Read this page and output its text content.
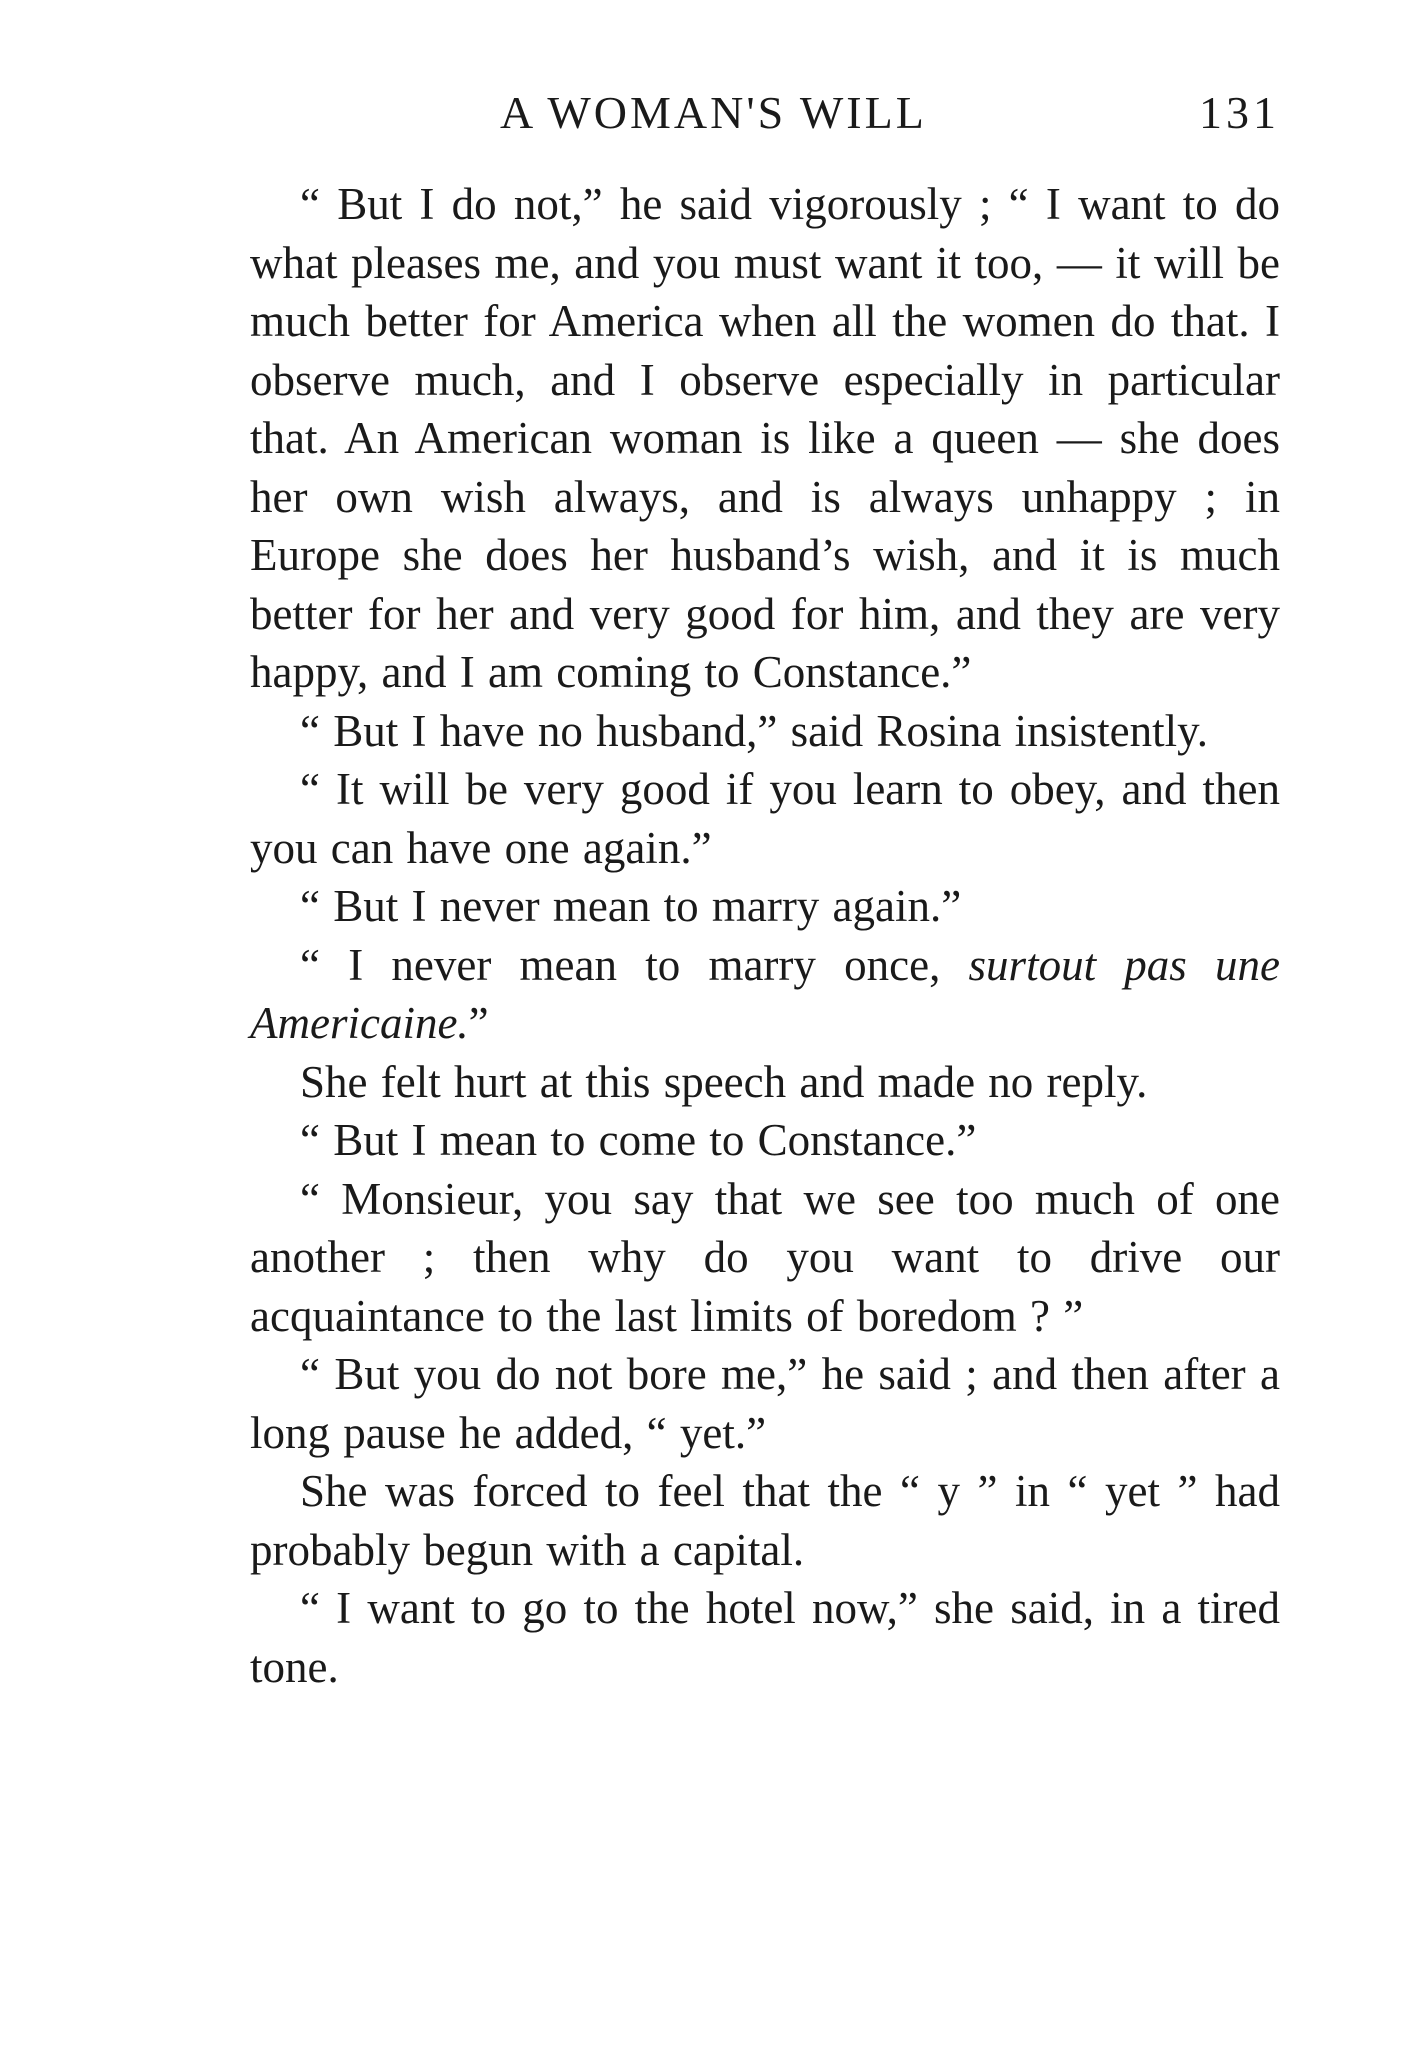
A WOMAN'S WILL	131

“ But I do not,” he said vigorously ; “ I want to do what pleases me, and you must want it too, — it will be much better for America when all the women do that. I observe much, and I observe especially in particular that. An American woman is like a queen — she does her own wish always, and is always unhappy ; in Europe she does her husband’s wish, and it is much better for her and very good for him, and they are very happy, and I am coming to Constance.”

“ But I have no husband,” said Rosina insistently.

“ It will be very good if you learn to obey, and then you can have one again.”

“ But I never mean to marry again.”

“ I never mean to marry once, surtout pas une Americaine.”

She felt hurt at this speech and made no reply.

“ But I mean to come to Constance.”

“ Monsieur, you say that we see too much of one another ; then why do you want to drive our acquaintance to the last limits of boredom ? ”

“ But you do not bore me,” he said ; and then after a long pause he added, “ yet.”

She was forced to feel that the “ y ” in “ yet ” had probably begun with a capital.

“ I want to go to the hotel now,” she said, in a tired tone.
